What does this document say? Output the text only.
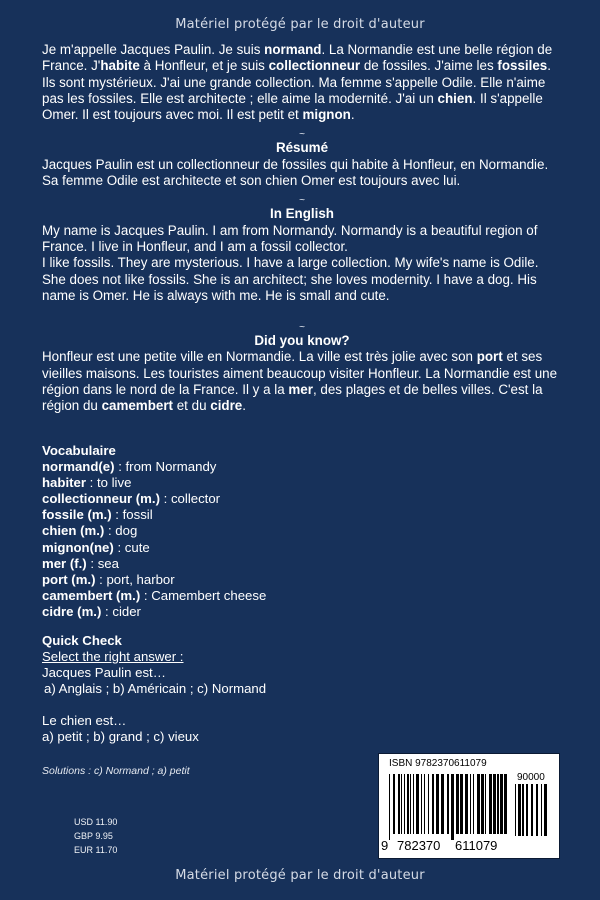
Matériel protégé par le droit d'auteur

Je m'appelle Jacques Paulin. Je suis normand. La Normandie est une belle région de France. J'habite à Honfleur, et je suis collectionneur de fossiles. J'aime les fossiles. Ils sont mystérieux. J'ai une grande collection. Ma femme s'appelle Odile. Elle n'aime pas les fossiles. Elle est architecte ; elle aime la modernité. J'ai un chien. Il s'appelle Omer. Il est toujours avec moi. Il est petit et mignon.

~

Résumé

Jacques Paulin est un collectionneur de fossiles qui habite à Honfleur, en Normandie. Sa femme Odile est architecte et son chien Omer est toujours avec lui.

~

In English

My name is Jacques Paulin. I am from Normandy. Normandy is a beautiful region of France. I live in Honfleur, and I am a fossil collector.

I like fossils. They are mysterious. I have a large collection. My wife's name is Odile. She does not like fossils. She is an architect; she loves modernity. I have a dog. His name is Omer. He is always with me. He is small and cute.

~

Did you know?

Honfleur est une petite ville en Normandie. La ville est très jolie avec son port et ses vieilles maisons. Les touristes aiment beaucoup visiter Honfleur. La Normandie est une région dans le nord de la France. Il y a la mer, des plages et de belles villes. C'est la région du camembert et du cidre.

Vocabulaire
normand(e) : from Normandy
habiter : to live
collectionneur (m.) : collector
fossile (m.) : fossil
chien (m.) : dog
mignon(ne) : cute
mer (f.) : sea
port (m.) : port, harbor
camembert (m.) : Camembert cheese
cidre (m.) : cider
Quick Check
Select the right answer :
Jacques Paulin est…
a) Anglais ; b) Américain ; c) Normand
Le chien est…
a) petit ; b) grand ; c) vieux
Solutions : c) Normand ; a) petit
USD 11.90
GBP 9.95
EUR 11.70
ISBN 9782370611079
90000
9 782370 611079
Matériel protégé par le droit d'auteur
